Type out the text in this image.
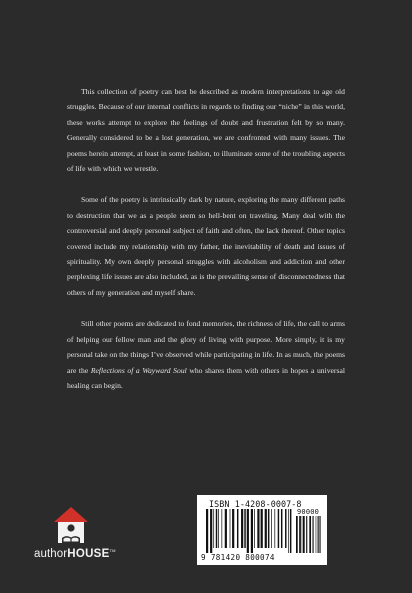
This collection of poetry can best be described as modern interpretations to age old struggles. Because of our internal conflicts in regards to finding our “niche” in this world, these works attempt to explore the feelings of doubt and frustration felt by so many. Generally considered to be a lost generation, we are confronted with many issues. The poems herein attempt, at least in some fashion, to illuminate some of the troubling aspects of life with which we wrestle.

Some of the poetry is intrinsically dark by nature, exploring the many different paths to destruction that we as a people seem so hell-bent on traveling. Many deal with the controversial and deeply personal subject of faith and often, the lack thereof. Other topics covered include my relationship with my father, the inevitability of death and issues of spirituality. My own deeply personal struggles with alcoholism and addiction and other perplexing life issues are also included, as is the prevailing sense of disconnectedness that others of my generation and myself share.

Still other poems are dedicated to fond memories, the richness of life, the call to arms of helping our fellow man and the glory of living with purpose. More simply, it is my personal take on the things I’ve observed while participating in life. In as much, the poems are the Reflections of a Wayward Soul who shares them with others in hopes a universal healing can begin.

authorHOUSE™
ISBN 1-4208-0007-8
90000
9 781420 800074
